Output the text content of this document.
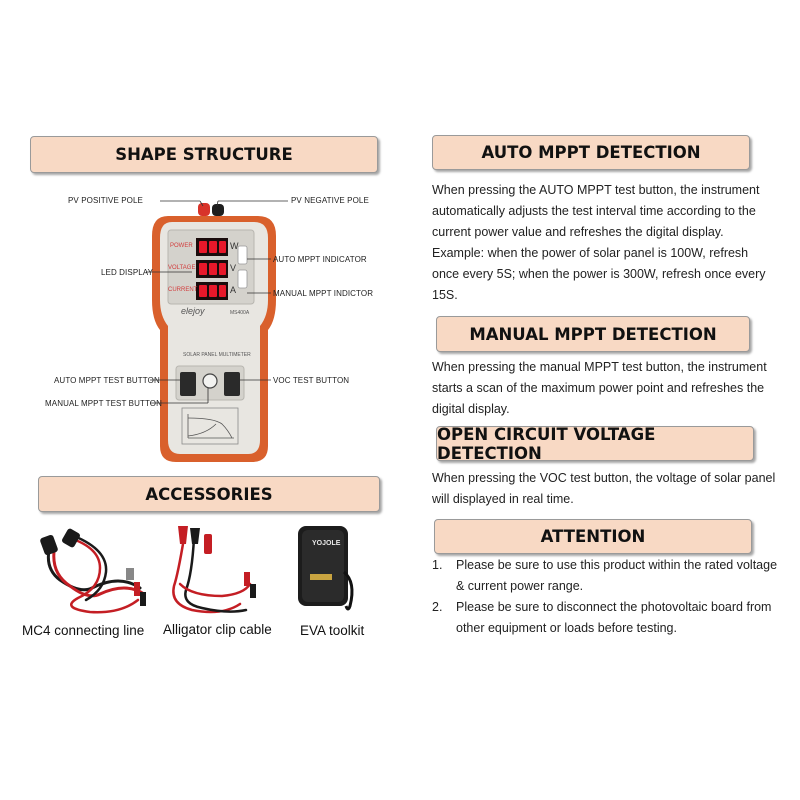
SHAPE STRUCTURE
POWER
VOLTAGE
CURRENT
W
V
A
elejoy	MS400A
SOLAR PANEL MULTIMETER
PV POSITIVE POLE	PV NEGATIVE POLE
LED DISPLAY
AUTO MPPT INDICATOR
MANUAL MPPT INDICTOR
AUTO MPPT TEST BUTTON
MANUAL MPPT TEST BUTTON
VOC TEST BUTTON
ACCESSORIES
YOJOLE
MC4 connecting line Alligator clip cable EVA toolkit
AUTO MPPT DETECTION

When pressing the AUTO MPPT test button, the instrument automatically adjusts the test interval time according to the current power value and refreshes the digital display.

Example: when the power of solar panel is 100W, refresh once every 5S; when the power is 300W, refresh once every 15S.

MANUAL MPPT DETECTION

When pressing the manual MPPT test button, the instrument starts a scan of the maximum power point and refreshes the digital display.

OPEN CIRCUIT VOLTAGE DETECTION

When pressing the VOC test button, the voltage of solar panel will displayed in real time.

ATTENTION
1. Please be sure to use this product within the rated voltage & current power range.
2. Please be sure to disconnect the photovoltaic board from other equipment or loads before testing.
